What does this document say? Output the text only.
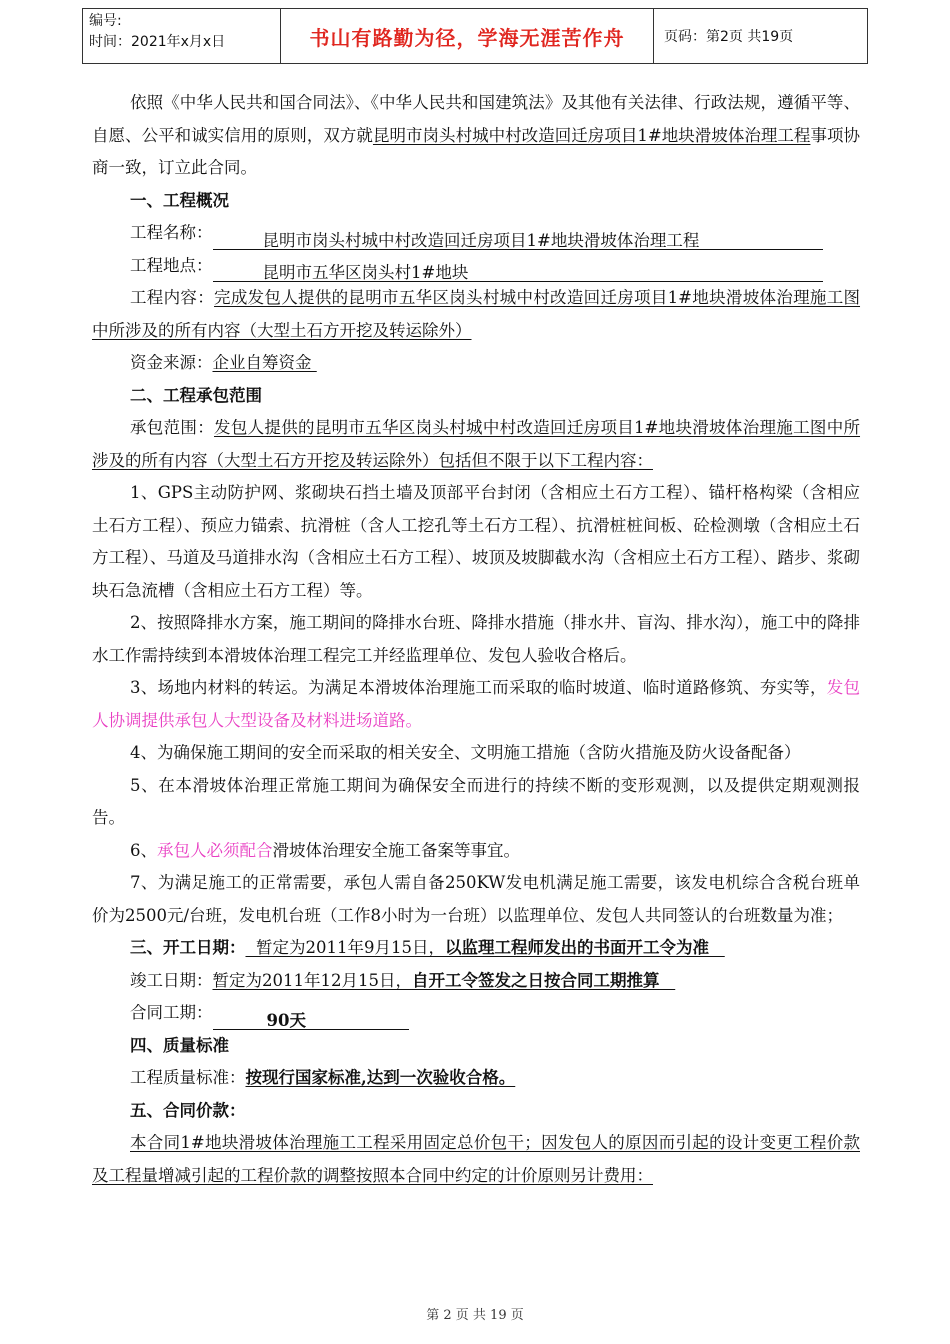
编号:
时间：2021年x月x日	书山有路勤为径，学海无涯苦作舟	页码：第2页 共19页

依照《中华人民共和国合同法》、《中华人民共和国建筑法》及其他有关法律、行政法规，遵循平等、自愿、公平和诚实信用的原则，双方就昆明市岗头村城中村改造回迁房项目1#地块滑坡体治理工程事项协商一致，订立此合同。

一、工程概况

工程名称：	昆明市岗头村城中村改造回迁房项目1#地块滑坡体治理工程

工程地点：	昆明市五华区岗头村1#地块

工程内容：完成发包人提供的昆明市五华区岗头村城中村改造回迁房项目1#地块滑坡体治理施工图中所涉及的所有内容（大型土石方开挖及转运除外）

资金来源：企业自筹资金

二、工程承包范围

承包范围：发包人提供的昆明市五华区岗头村城中村改造回迁房项目1#地块滑坡体治理施工图中所涉及的所有内容（大型土石方开挖及转运除外）包括但不限于以下工程内容：

1、GPS主动防护网、浆砌块石挡土墙及顶部平台封闭（含相应土石方工程）、锚杆格构梁（含相应土石方工程）、预应力锚索、抗滑桩（含人工挖孔等土石方工程）、抗滑桩桩间板、砼检测墩（含相应土石方工程）、马道及马道排水沟（含相应土石方工程）、坡顶及坡脚截水沟（含相应土石方工程）、踏步、浆砌块石急流槽（含相应土石方工程）等。

2、按照降排水方案，施工期间的降排水台班、降排水措施（排水井、盲沟、排水沟），施工中的降排水工作需持续到本滑坡体治理工程完工并经监理单位、发包人验收合格后。

3、场地内材料的转运。为满足本滑坡体治理施工而采取的临时坡道、临时道路修筑、夯实等，发包人协调提供承包人大型设备及材料进场道路。

4、为确保施工期间的安全而采取的相关安全、文明施工措施（含防火措施及防火设备配备）

5、在本滑坡体治理正常施工期间为确保安全而进行的持续不断的变形观测，以及提供定期观测报告。

6、承包人必须配合滑坡体治理安全施工备案等事宜。

7、为满足施工的正常需要，承包人需自备250KW发电机满足施工需要，该发电机综合含税台班单价为2500元/台班，发电机台班（工作8小时为一台班）以监理单位、发包人共同签认的台班数量为准；

三、开工日期： 暂定为2011年9月15日，以监理工程师发出的书面开工令为准

竣工日期：暂定为2011年12月15日，自开工令签发之日按合同工期推算

合同工期：	90天

四、质量标准

工程质量标准：按现行国家标准,达到一次验收合格。

五、合同价款：

本合同1#地块滑坡体治理施工工程采用固定总价包干；因发包人的原因而引起的设计变更工程价款及工程量增减引起的工程价款的调整按照本合同中约定的计价原则另计费用：

第 2 页 共 19 页
